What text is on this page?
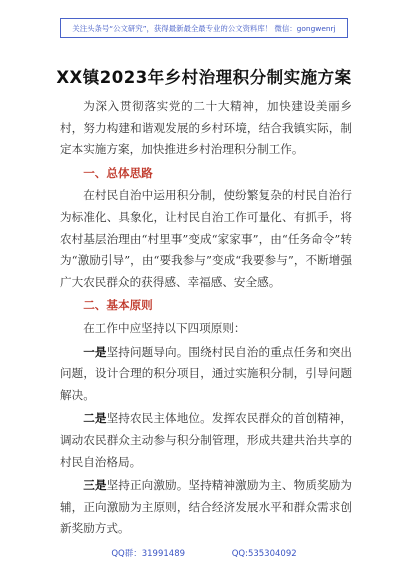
关注头条号“公文研究”，获得最新最全最专业的公文资料库！ 微信：gongwenrj
XX镇2023年乡村治理积分制实施方案

为深入贯彻落实党的二十大精神，加快建设美丽乡村，努力构建和谐观发展的乡村环境，结合我镇实际，制定本实施方案，加快推进乡村治理积分制工作。

一、总体思路

在村民自治中运用积分制，使纷繁复杂的村民自治行为标准化、具象化，让村民自治工作可量化、有抓手，将农村基层治理由“村里事”变成“家家事”，由“任务命令”转为“激励引导”，由“要我参与”变成“我要参与”，不断增强广大农民群众的获得感、幸福感、安全感。

二、基本原则

在工作中应坚持以下四项原则：

一是坚持问题导向。围绕村民自治的重点任务和突出问题，设计合理的积分项目，通过实施积分制，引导问题解决。

二是坚持农民主体地位。发挥农民群众的首创精神，调动农民群众主动参与积分制管理，形成共建共治共享的村民自治格局。

三是坚持正向激励。坚持精神激励为主、物质奖励为辅，正向激励为主原则，结合经济发展水平和群众需求创新奖励方式。

QQ群：31991489	QQ:535304092
